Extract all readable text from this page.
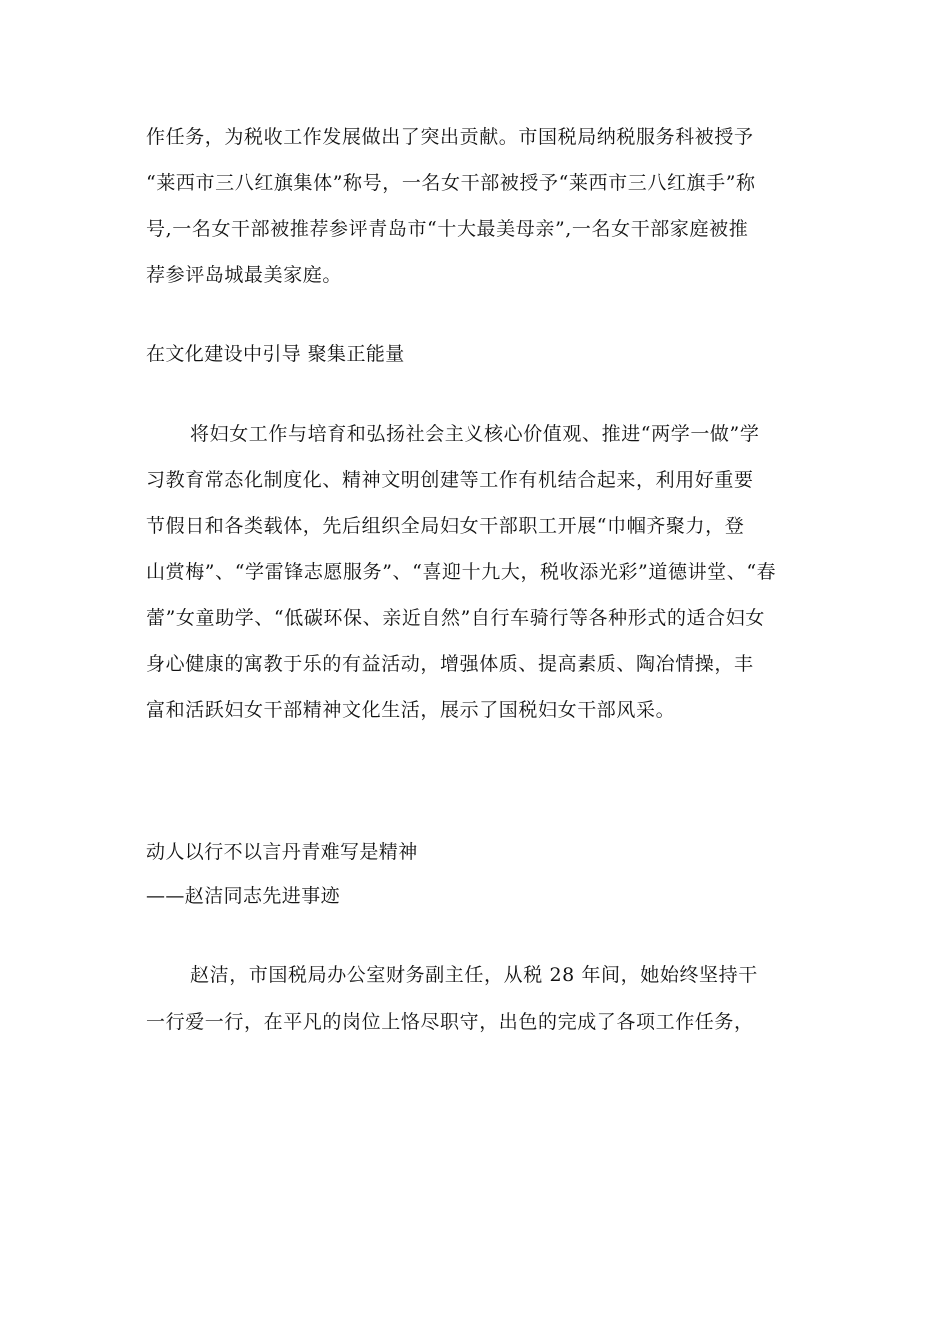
作任务，为税收工作发展做出了突出贡献。市国税局纳税服务科被授予
“莱西市三八红旗集体”称号，一名女干部被授予“莱西市三八红旗手”称
号,一名女干部被推荐参评青岛市“十大最美母亲”,一名女干部家庭被推
荐参评岛城最美家庭。
在文化建设中引导 聚集正能量
将妇女工作与培育和弘扬社会主义核心价值观、推进“两学一做”学
习教育常态化制度化、精神文明创建等工作有机结合起来，利用好重要
节假日和各类载体，先后组织全局妇女干部职工开展“巾帼齐聚力，登
山赏梅”、“学雷锋志愿服务”、“喜迎十九大，税收添光彩”道德讲堂、“春
蕾”女童助学、“低碳环保、亲近自然”自行车骑行等各种形式的适合妇女
身心健康的寓教于乐的有益活动，增强体质、提高素质、陶冶情操，丰
富和活跃妇女干部精神文化生活，展示了国税妇女干部风采。
动人以行不以言丹青难写是精神
——赵洁同志先进事迹
赵洁，市国税局办公室财务副主任，从税 28 年间，她始终坚持干
一行爱一行，在平凡的岗位上恪尽职守，出色的完成了各项工作任务，
